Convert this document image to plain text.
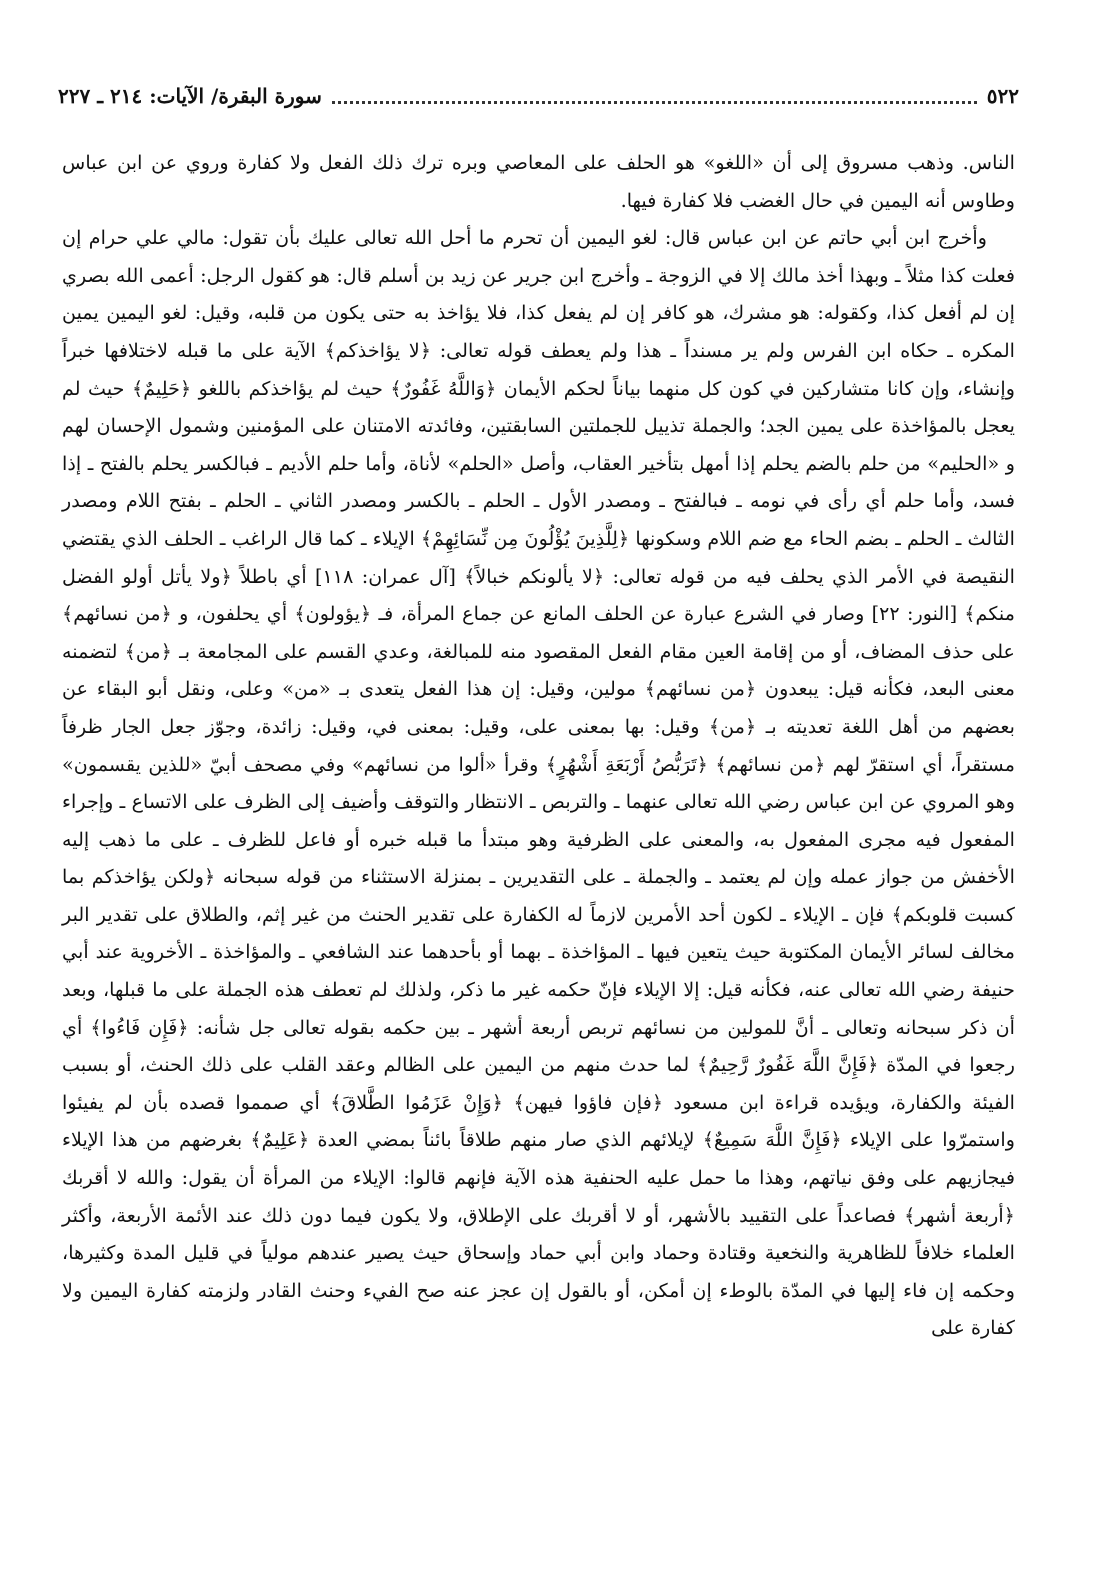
٥٢٢
سورة البقرة/ الآيات: ٢١٤ ـ ٢٢٧

الناس. وذهب مسروق إلى أن «اللغو» هو الحلف على المعاصي وبره ترك ذلك الفعل ولا كفارة وروي عن ابن عباس وطاوس أنه اليمين في حال الغضب فلا كفارة فيها.

وأخرج ابن أبي حاتم عن ابن عباس قال: لغو اليمين أن تحرم ما أحل الله تعالى عليك بأن تقول: مالي علي حرام إن فعلت كذا مثلاً ـ وبهذا أخذ مالك إلا في الزوجة ـ وأخرج ابن جرير عن زيد بن أسلم قال: هو كقول الرجل: أعمى الله بصري إن لم أفعل كذا، وكقوله: هو مشرك، هو كافر إن لم يفعل كذا، فلا يؤاخذ به حتى يكون من قلبه، وقيل: لغو اليمين يمين المكره ـ حكاه ابن الفرس ولم ير مسنداً ـ هذا ولم يعطف قوله تعالى: ﴿لا يؤاخذكم﴾ الآية على ما قبله لاختلافها خبراً وإنشاء، وإن كانا متشاركين في كون كل منهما بياناً لحكم الأيمان ﴿وَاللَّهُ غَفُورٌ﴾ حيث لم يؤاخذكم باللغو ﴿حَلِيمٌ﴾ حيث لم يعجل بالمؤاخذة على يمين الجد؛ والجملة تذييل للجملتين السابقتين، وفائدته الامتنان على المؤمنين وشمول الإحسان لهم و «الحليم» من حلم بالضم يحلم إذا أمهل بتأخير العقاب، وأصل «الحلم» لأناة، وأما حلم الأديم ـ فبالكسر يحلم بالفتح ـ إذا فسد، وأما حلم أي رأى في نومه ـ فبالفتح ـ ومصدر الأول ـ الحلم ـ بالكسر ومصدر الثاني ـ الحلم ـ بفتح اللام ومصدر الثالث ـ الحلم ـ بضم الحاء مع ضم اللام وسكونها ﴿لِلَّذِينَ يُؤْلُونَ مِن نِّسَائِهِمْ﴾ الإيلاء ـ كما قال الراغب ـ الحلف الذي يقتضي النقيصة في الأمر الذي يحلف فيه من قوله تعالى: ﴿لا يألونكم خبالاً﴾ [آل عمران: ١١٨] أي باطلاً ﴿ولا يأتل أولو الفضل منكم﴾ [النور: ٢٢] وصار في الشرع عبارة عن الحلف المانع عن جماع المرأة، فـ ﴿يؤولون﴾ أي يحلفون، و ﴿من نسائهم﴾ على حذف المضاف، أو من إقامة العين مقام الفعل المقصود منه للمبالغة، وعدي القسم على المجامعة بـ ﴿من﴾ لتضمنه معنى البعد، فكأنه قيل: يبعدون ﴿من نسائهم﴾ مولين، وقيل: إن هذا الفعل يتعدى بـ «من» وعلى، ونقل أبو البقاء عن بعضهم من أهل اللغة تعديته بـ ﴿من﴾ وقيل: بها بمعنى على، وقيل: بمعنى في، وقيل: زائدة، وجوّز جعل الجار ظرفاً مستقراً، أي استقرّ لهم ﴿من نسائهم﴾ ﴿تَرَبُّصُ أَرْبَعَةِ أَشْهُرٍ﴾ وقرأ «ألوا من نسائهم» وفي مصحف أبيّ «للذين يقسمون» وهو المروي عن ابن عباس رضي الله تعالى عنهما ـ والتربص ـ الانتظار والتوقف وأضيف إلى الظرف على الاتساع ـ وإجراء المفعول فيه مجرى المفعول به، والمعنى على الظرفية وهو مبتدأ ما قبله خبره أو فاعل للظرف ـ على ما ذهب إليه الأخفش من جواز عمله وإن لم يعتمد ـ والجملة ـ على التقديرين ـ بمنزلة الاستثناء من قوله سبحانه ﴿ولكن يؤاخذكم بما كسبت قلوبكم﴾ فإن ـ الإيلاء ـ لكون أحد الأمرين لازماً له الكفارة على تقدير الحنث من غير إثم، والطلاق على تقدير البر مخالف لسائر الأيمان المكتوبة حيث يتعين فيها ـ المؤاخذة ـ بهما أو بأحدهما عند الشافعي ـ والمؤاخذة ـ الأخروية عند أبي حنيفة رضي الله تعالى عنه، فكأنه قيل: إلا الإيلاء فإنّ حكمه غير ما ذكر، ولذلك لم تعطف هذه الجملة على ما قبلها، وبعد أن ذكر سبحانه وتعالى ـ أنَّ للمولين من نسائهم تربص أربعة أشهر ـ بين حكمه بقوله تعالى جل شأنه: ﴿فَإِن فَاءُوا﴾ أي رجعوا في المدّة ﴿فَإِنَّ اللَّهَ غَفُورٌ رَّحِيمٌ﴾ لما حدث منهم من اليمين على الظالم وعقد القلب على ذلك الحنث، أو بسبب الفيئة والكفارة، ويؤيده قراءة ابن مسعود ﴿فإن فاؤوا فيهن﴾ ﴿وَإِنْ عَزَمُوا الطَّلاقَ﴾ أي صمموا قصده بأن لم يفيئوا واستمرّوا على الإيلاء ﴿فَإِنَّ اللَّهَ سَمِيعٌ﴾ لإيلائهم الذي صار منهم طلاقاً بائناً بمضي العدة ﴿عَلِيمٌ﴾ بغرضهم من هذا الإيلاء فيجازيهم على وفق نياتهم، وهذا ما حمل عليه الحنفية هذه الآية فإنهم قالوا: الإيلاء من المرأة أن يقول: والله لا أقربك ﴿أربعة أشهر﴾ فصاعداً على التقييد بالأشهر، أو لا أقربك على الإطلاق، ولا يكون فيما دون ذلك عند الأئمة الأربعة، وأكثر العلماء خلافاً للظاهرية والنخعية وقتادة وحماد وابن أبي حماد وإسحاق حيث يصير عندهم مولياً في قليل المدة وكثيرها، وحكمه إن فاء إليها في المدّة بالوطء إن أمكن، أو بالقول إن عجز عنه صح الفيء وحنث القادر ولزمته كفارة اليمين ولا كفارة على
